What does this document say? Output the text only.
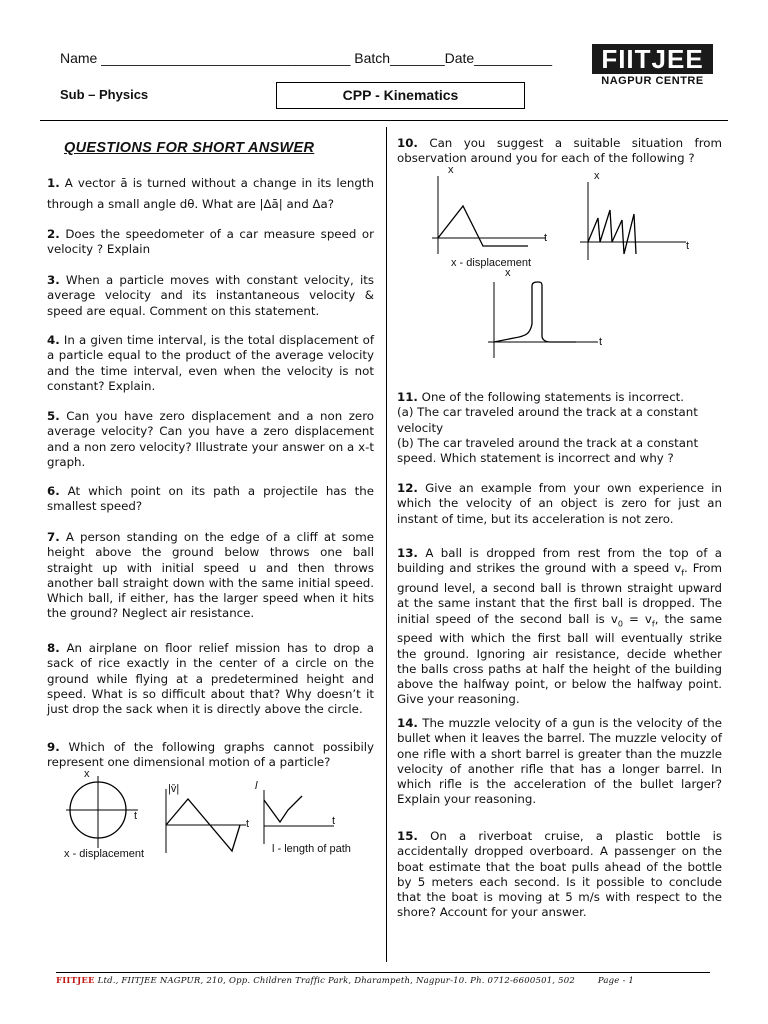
Name ________________________________ Batch_______Date__________	FIITJEE
NAGPUR CENTRE
Sub – Physics	CPP - Kinematics
QUESTIONS FOR SHORT ANSWER
1. A vector ā is turned without a change in its length through a small angle dθ. What are |Δā| and Δa?
2. Does the speedometer of a car measure speed or velocity ? Explain
3. When a particle moves with constant velocity, its average velocity and its instantaneous velocity & speed are equal. Comment on this statement.
4. In a given time interval, is the total displacement of a particle equal to the product of the average velocity and the time interval, even when the velocity is not constant? Explain.
5. Can you have zero displacement and a non zero average velocity? Can you have a zero displacement and a non zero velocity? Illustrate your answer on a x-t graph.
6. At which point on its path a projectile has the smallest speed?
7. A person standing on the edge of a cliff at some height above the ground below throws one ball straight up with initial speed u and then throws another ball straight down with the same initial speed. Which ball, if either, has the larger speed when it hits the ground? Neglect air resistance.
8. An airplane on floor relief mission has to drop a sack of rice exactly in the center of a circle on the ground while flying at a predetermined height and speed. What is so difficult about that? Why doesn’t it just drop the sack when it is directly above the circle.
9. Which of the following graphs cannot possibily represent one dimensional motion of a particle?
x
t
x - displacement
|v̄|
t
l
t
l - length of path
10. Can you suggest a suitable situation from observation around you for each of the following ?
x
t
x - displacement
x
t
x
t
11. One of the following statements is incorrect.
(a) The car traveled around the track at a constant velocity
(b) The car traveled around the track at a constant speed. Which statement is incorrect and why ?
12. Give an example from your own experience in which the velocity of an object is zero for just an instant of time, but its acceleration is not zero.
13. A ball is dropped from rest from the top of a building and strikes the ground with a speed $v_f$. From ground level, a second ball is thrown straight upward at the same instant that the first ball is dropped. The initial speed of the second ball is $v_0 = v_f$, the same speed with which the first ball will eventually strike the ground. Ignoring air resistance, decide whether the balls cross paths at half the height of the building above the halfway point, or below the halfway point. Give your reasoning.
14. The muzzle velocity of a gun is the velocity of the bullet when it leaves the barrel. The muzzle velocity of one rifle with a short barrel is greater than the muzzle velocity of another rifle that has a longer barrel. In which rifle is the acceleration of the bullet larger? Explain your reasoning.
15. On a riverboat cruise, a plastic bottle is accidentally dropped overboard. A passenger on the boat estimate that the boat pulls ahead of the bottle by 5 meters each second. Is it possible to conclude that the boat is moving at 5 m/s with respect to the shore? Account for your answer.
FIITJEE Ltd., FIITJEE NAGPUR, 210, Opp. Children Traffic Park, Dharampeth, Nagpur-10. Ph. 0712-6600501, 502	Page - 1
